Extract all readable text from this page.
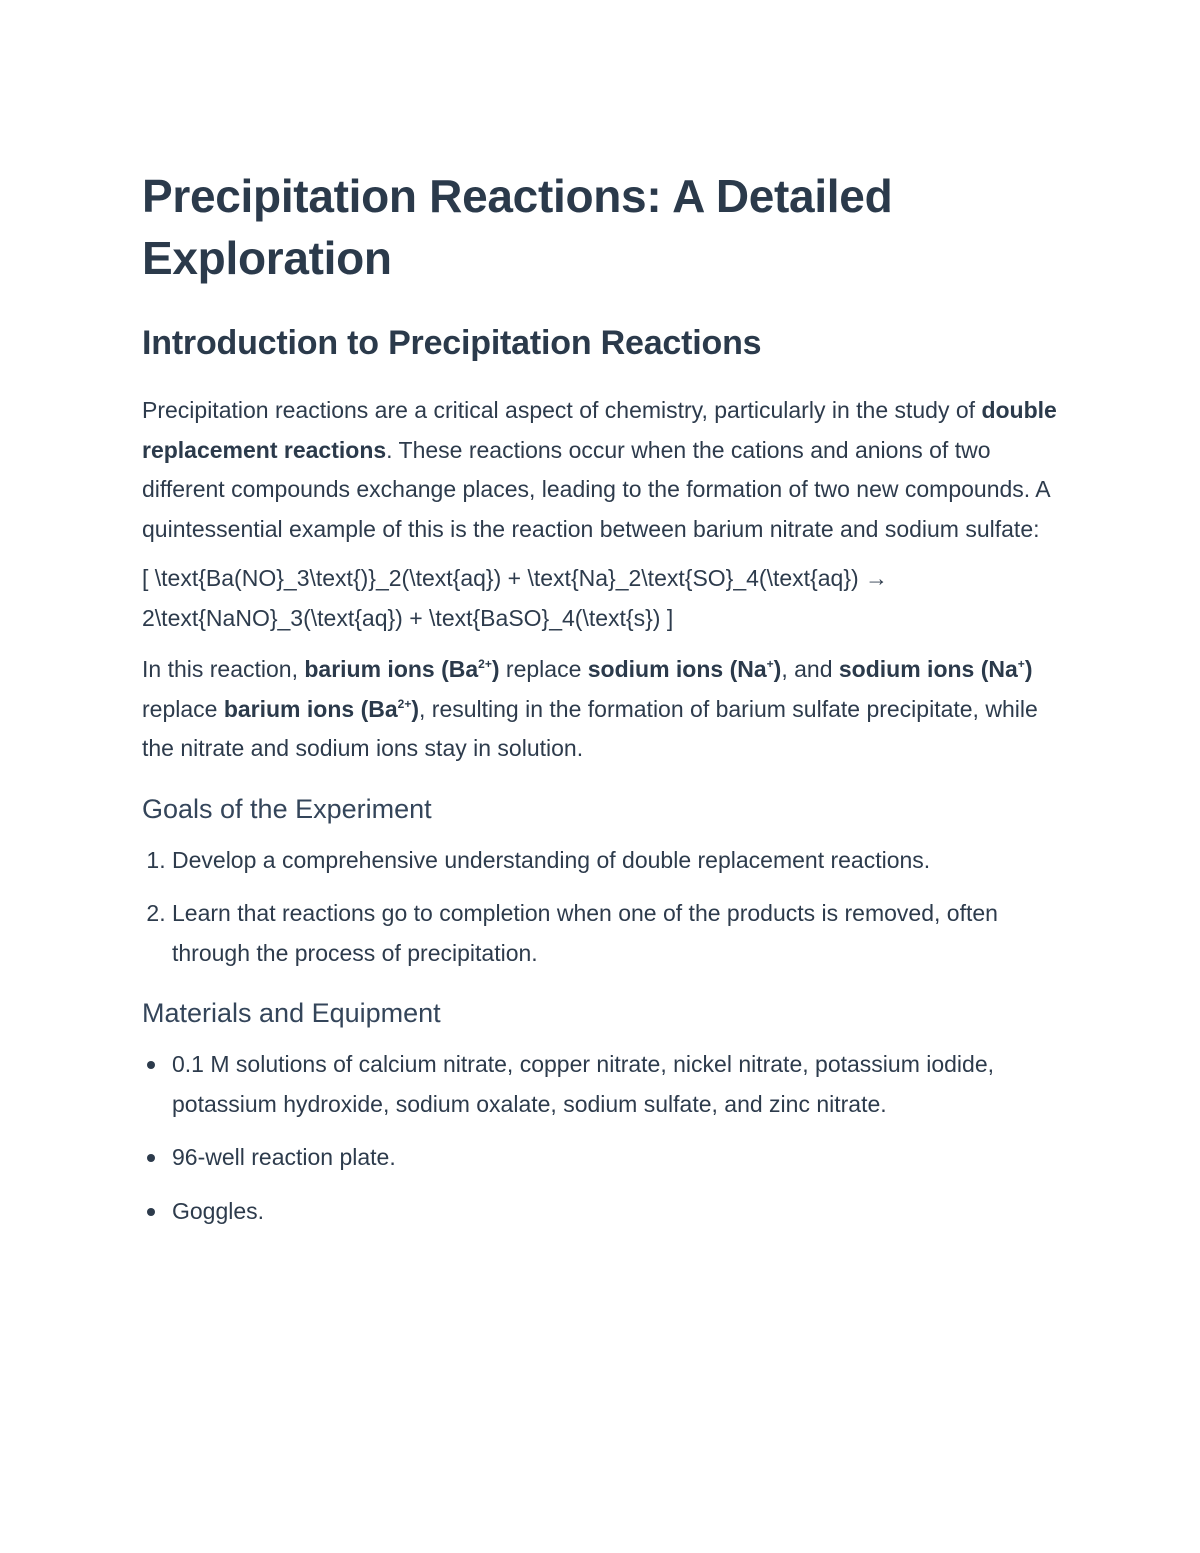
Precipitation Reactions: A Detailed Exploration
Introduction to Precipitation Reactions

Precipitation reactions are a critical aspect of chemistry, particularly in the study of double replacement reactions. These reactions occur when the cations and anions of two different compounds exchange places, leading to the formation of two new compounds. A quintessential example of this is the reaction between barium nitrate and sodium sulfate:

[ \text{Ba(NO}_3\text{)}_2(\text{aq}) + \text{Na}_2\text{SO}_4(\text{aq}) → 2\text{NaNO}_3(\text{aq}) + \text{BaSO}_4(\text{s}) ]

In this reaction, barium ions $(Ba^{2+})$ replace sodium ions (Na+), and sodium ions (Na+) replace barium ions $(Ba^{2+})$, resulting in the formation of barium sulfate precipitate, while the nitrate and sodium ions stay in solution.

Goals of the Experiment
1. Develop a comprehensive understanding of double replacement reactions.
2. Learn that reactions go to completion when one of the products is removed, often through the process of precipitation.
Materials and Equipment
0.1 M solutions of calcium nitrate, copper nitrate, nickel nitrate, potassium iodide, potassium hydroxide, sodium oxalate, sodium sulfate, and zinc nitrate.
96-well reaction plate.
Goggles.
